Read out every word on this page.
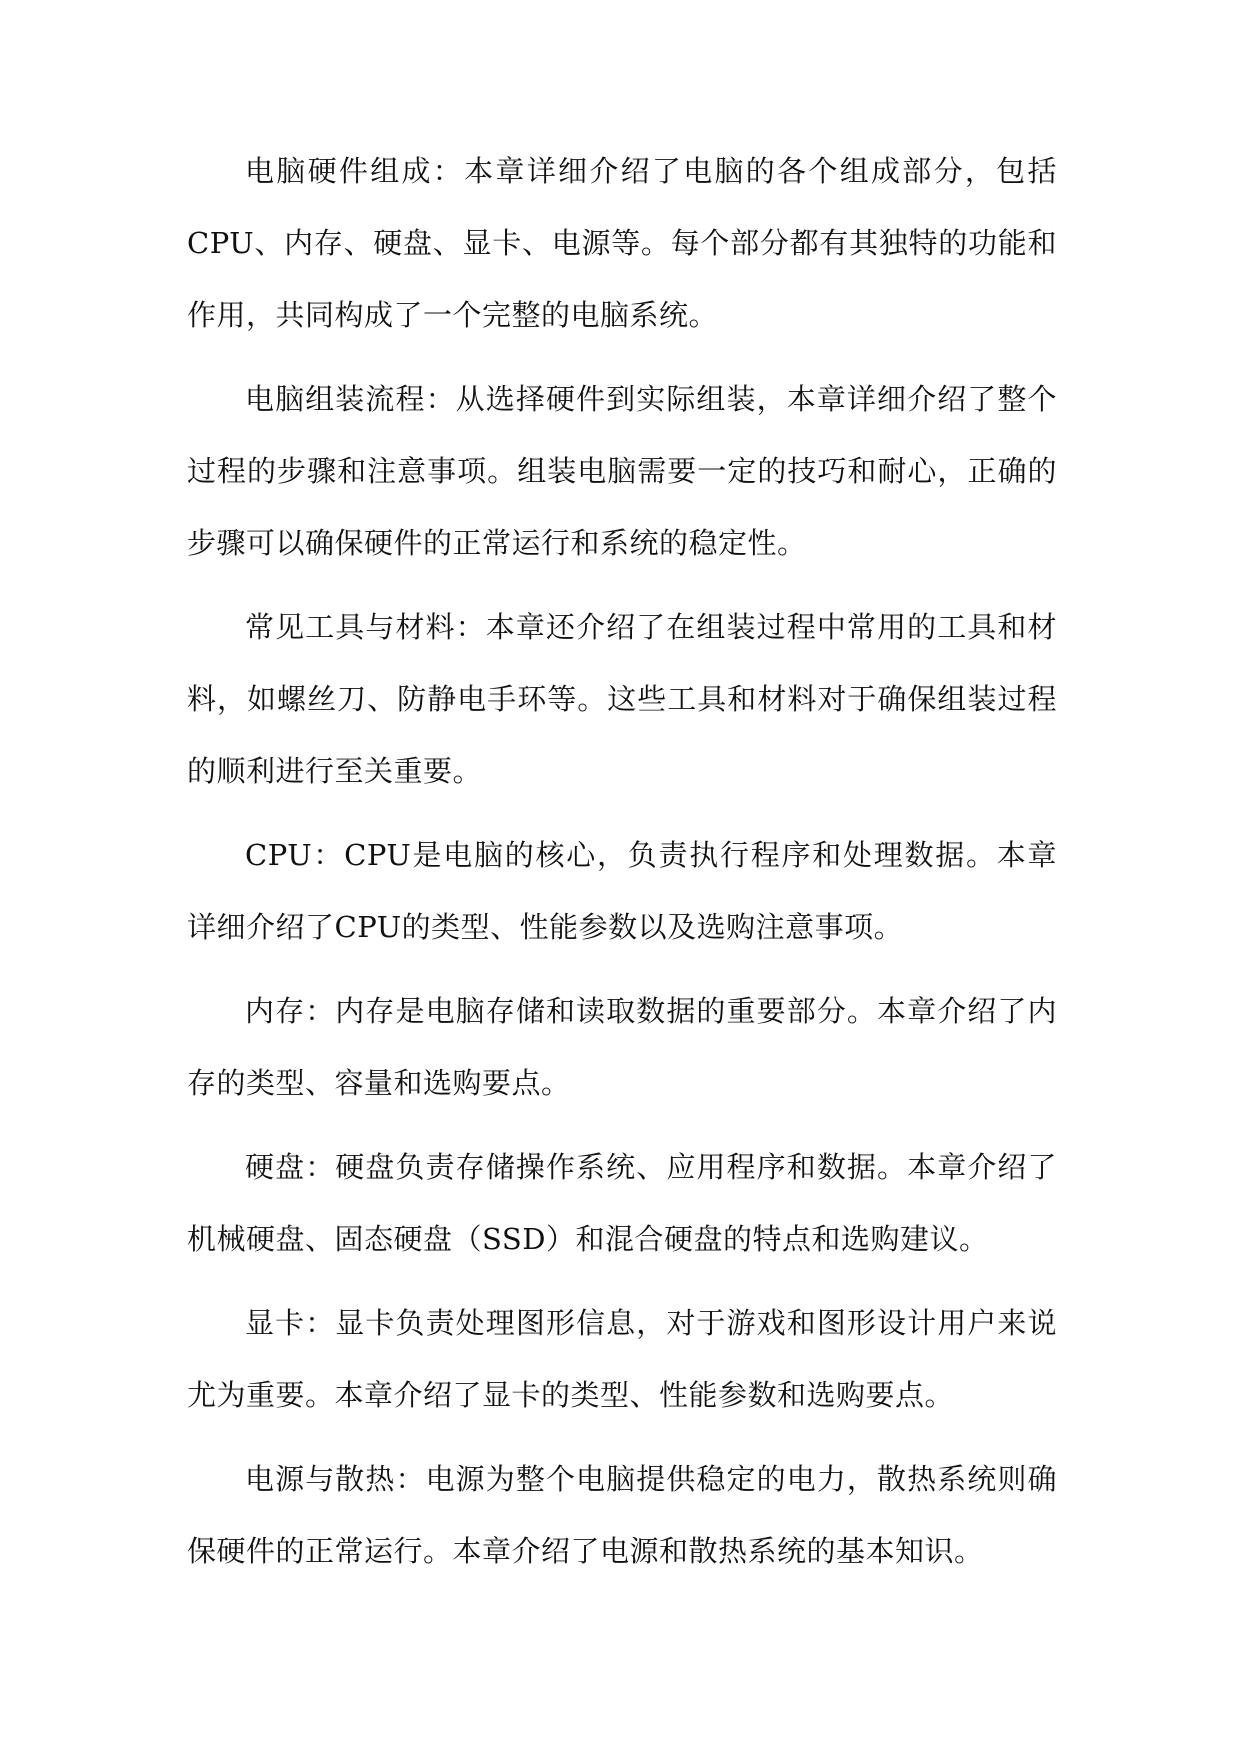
电脑硬件组成：本章详细介绍了电脑的各个组成部分，包括CPU、内存、硬盘、显卡、电源等。每个部分都有其独特的功能和作用，共同构成了一个完整的电脑系统。

电脑组装流程：从选择硬件到实际组装，本章详细介绍了整个过程的步骤和注意事项。组装电脑需要一定的技巧和耐心，正确的步骤可以确保硬件的正常运行和系统的稳定性。

常见工具与材料：本章还介绍了在组装过程中常用的工具和材料，如螺丝刀、防静电手环等。这些工具和材料对于确保组装过程的顺利进行至关重要。

CPU：CPU是电脑的核心，负责执行程序和处理数据。本章详细介绍了CPU的类型、性能参数以及选购注意事项。

内存：内存是电脑存储和读取数据的重要部分。本章介绍了内存的类型、容量和选购要点。

硬盘：硬盘负责存储操作系统、应用程序和数据。本章介绍了机械硬盘、固态硬盘（SSD）和混合硬盘的特点和选购建议。

显卡：显卡负责处理图形信息，对于游戏和图形设计用户来说尤为重要。本章介绍了显卡的类型、性能参数和选购要点。

电源与散热：电源为整个电脑提供稳定的电力，散热系统则确保硬件的正常运行。本章介绍了电源和散热系统的基本知识。
